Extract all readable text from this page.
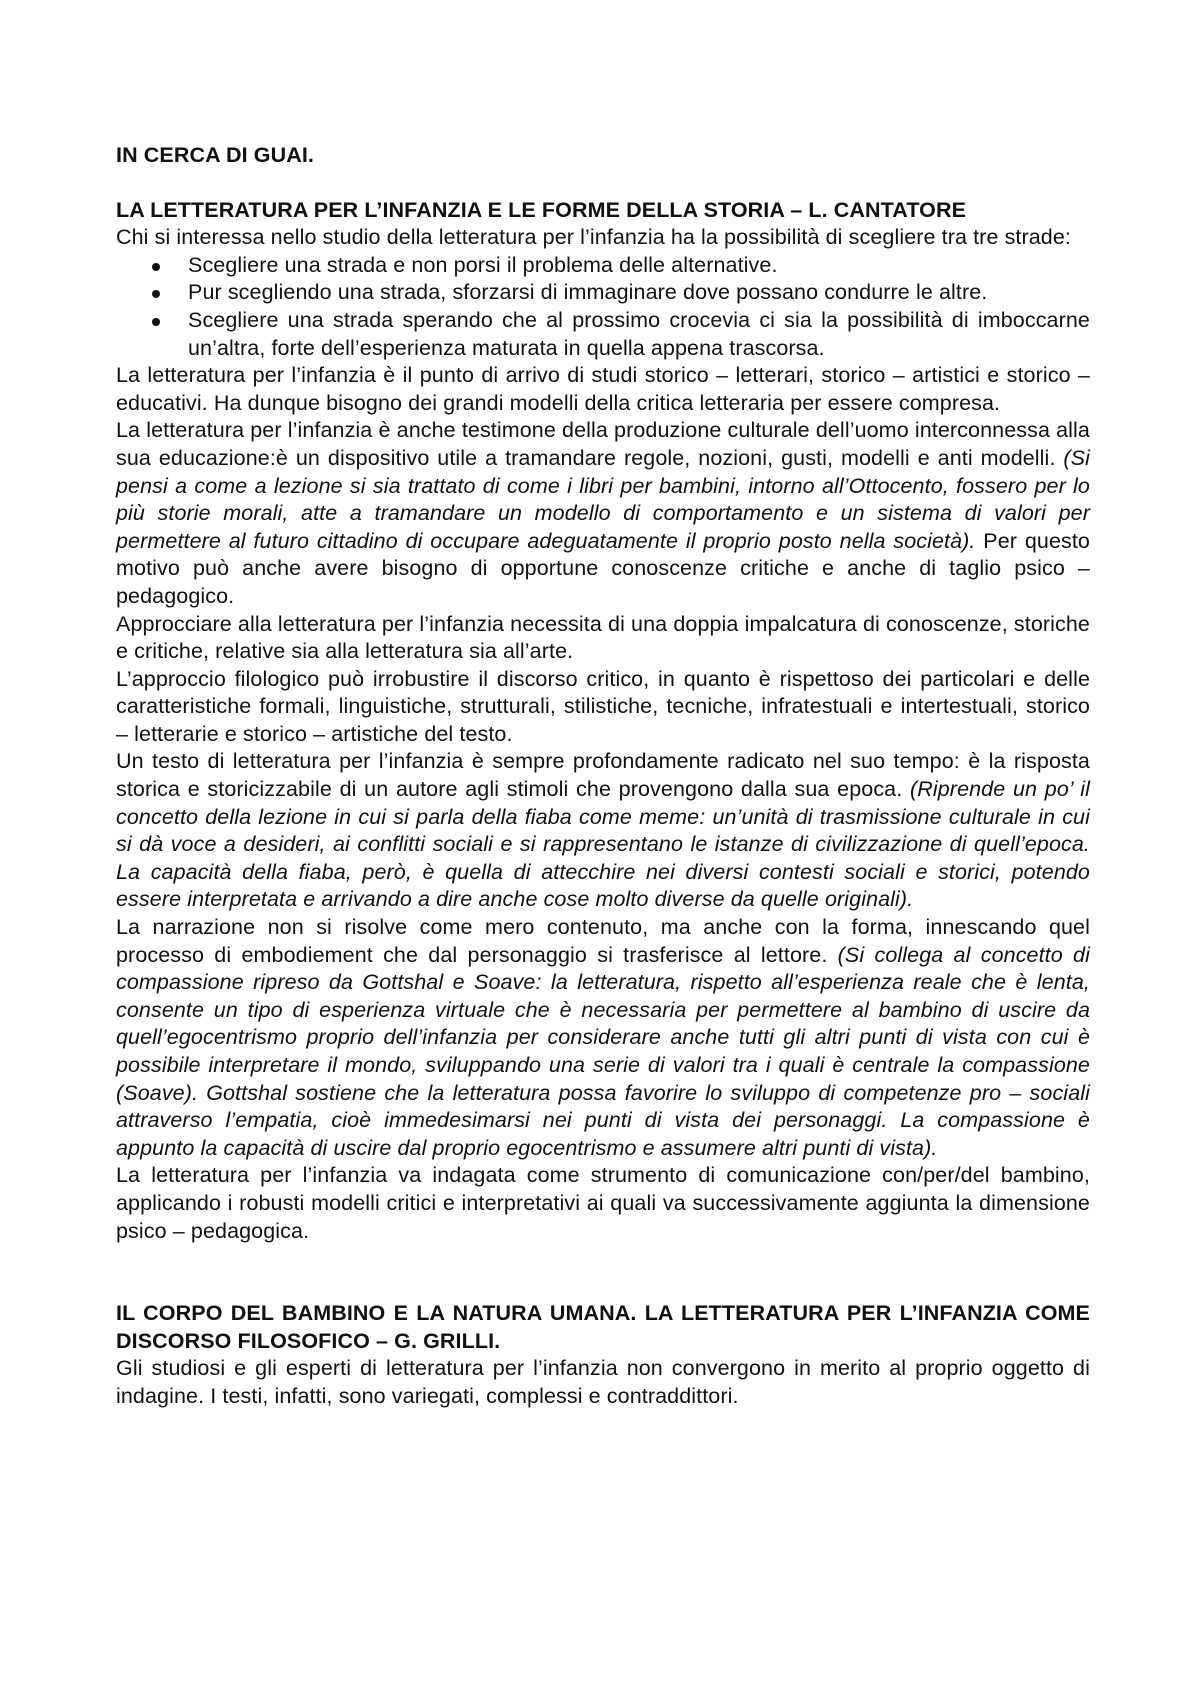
IN CERCA DI GUAI.

LA LETTERATURA PER L’INFANZIA E LE FORME DELLA STORIA – L. CANTATORE

Chi si interessa nello studio della letteratura per l’infanzia ha la possibilità di scegliere tra tre strade:

Scegliere una strada e non porsi il problema delle alternative.
Pur scegliendo una strada, sforzarsi di immaginare dove possano condurre le altre.
Scegliere una strada sperando che al prossimo crocevia ci sia la possibilità di imboccarne un’altra, forte dell’esperienza maturata in quella appena trascorsa.

La letteratura per l’infanzia è il punto di arrivo di studi storico – letterari, storico – artistici e storico – educativi. Ha dunque bisogno dei grandi modelli della critica letteraria per essere compresa.

La letteratura per l’infanzia è anche testimone della produzione culturale dell’uomo interconnessa alla sua educazione:è un dispositivo utile a tramandare regole, nozioni, gusti, modelli e anti modelli. (Si pensi a come a lezione si sia trattato di come i libri per bambini, intorno all’Ottocento, fossero per lo più storie morali, atte a tramandare un modello di comportamento e un sistema di valori per permettere al futuro cittadino di occupare adeguatamente il proprio posto nella società). Per questo motivo può anche avere bisogno di opportune conoscenze critiche e anche di taglio psico – pedagogico.

Approcciare alla letteratura per l’infanzia necessita di una doppia impalcatura di conoscenze, storiche e critiche, relative sia alla letteratura sia all’arte.

L’approccio filologico può irrobustire il discorso critico, in quanto è rispettoso dei particolari e delle caratteristiche formali, linguistiche, strutturali, stilistiche, tecniche, infratestuali e intertestuali, storico – letterarie e storico – artistiche del testo.

Un testo di letteratura per l’infanzia è sempre profondamente radicato nel suo tempo: è la risposta storica e storicizzabile di un autore agli stimoli che provengono dalla sua epoca. (Riprende un po’ il concetto della lezione in cui si parla della fiaba come meme: un’unità di trasmissione culturale in cui si dà voce a desideri, ai conflitti sociali e si rappresentano le istanze di civilizzazione di quell’epoca. La capacità della fiaba, però, è quella di attecchire nei diversi contesti sociali e storici, potendo essere interpretata e arrivando a dire anche cose molto diverse da quelle originali).

La narrazione non si risolve come mero contenuto, ma anche con la forma, innescando quel processo di embodiement che dal personaggio si trasferisce al lettore. (Si collega al concetto di compassione ripreso da Gottshal e Soave: la letteratura, rispetto all’esperienza reale che è lenta, consente un tipo di esperienza virtuale che è necessaria per permettere al bambino di uscire da quell’egocentrismo proprio dell’infanzia per considerare anche tutti gli altri punti di vista con cui è possibile interpretare il mondo, sviluppando una serie di valori tra i quali è centrale la compassione (Soave). Gottshal sostiene che la letteratura possa favorire lo sviluppo di competenze pro – sociali attraverso l’empatia, cioè immedesimarsi nei punti di vista dei personaggi. La compassione è appunto la capacità di uscire dal proprio egocentrismo e assumere altri punti di vista).

La letteratura per l’infanzia va indagata come strumento di comunicazione con/per/del bambino, applicando i robusti modelli critici e interpretativi ai quali va successivamente aggiunta la dimensione psico – pedagogica.

IL CORPO DEL BAMBINO E LA NATURA UMANA. LA LETTERATURA PER L’INFANZIA COME DISCORSO FILOSOFICO – G. GRILLI.

Gli studiosi e gli esperti di letteratura per l’infanzia non convergono in merito al proprio oggetto di indagine. I testi, infatti, sono variegati, complessi e contraddittori.
